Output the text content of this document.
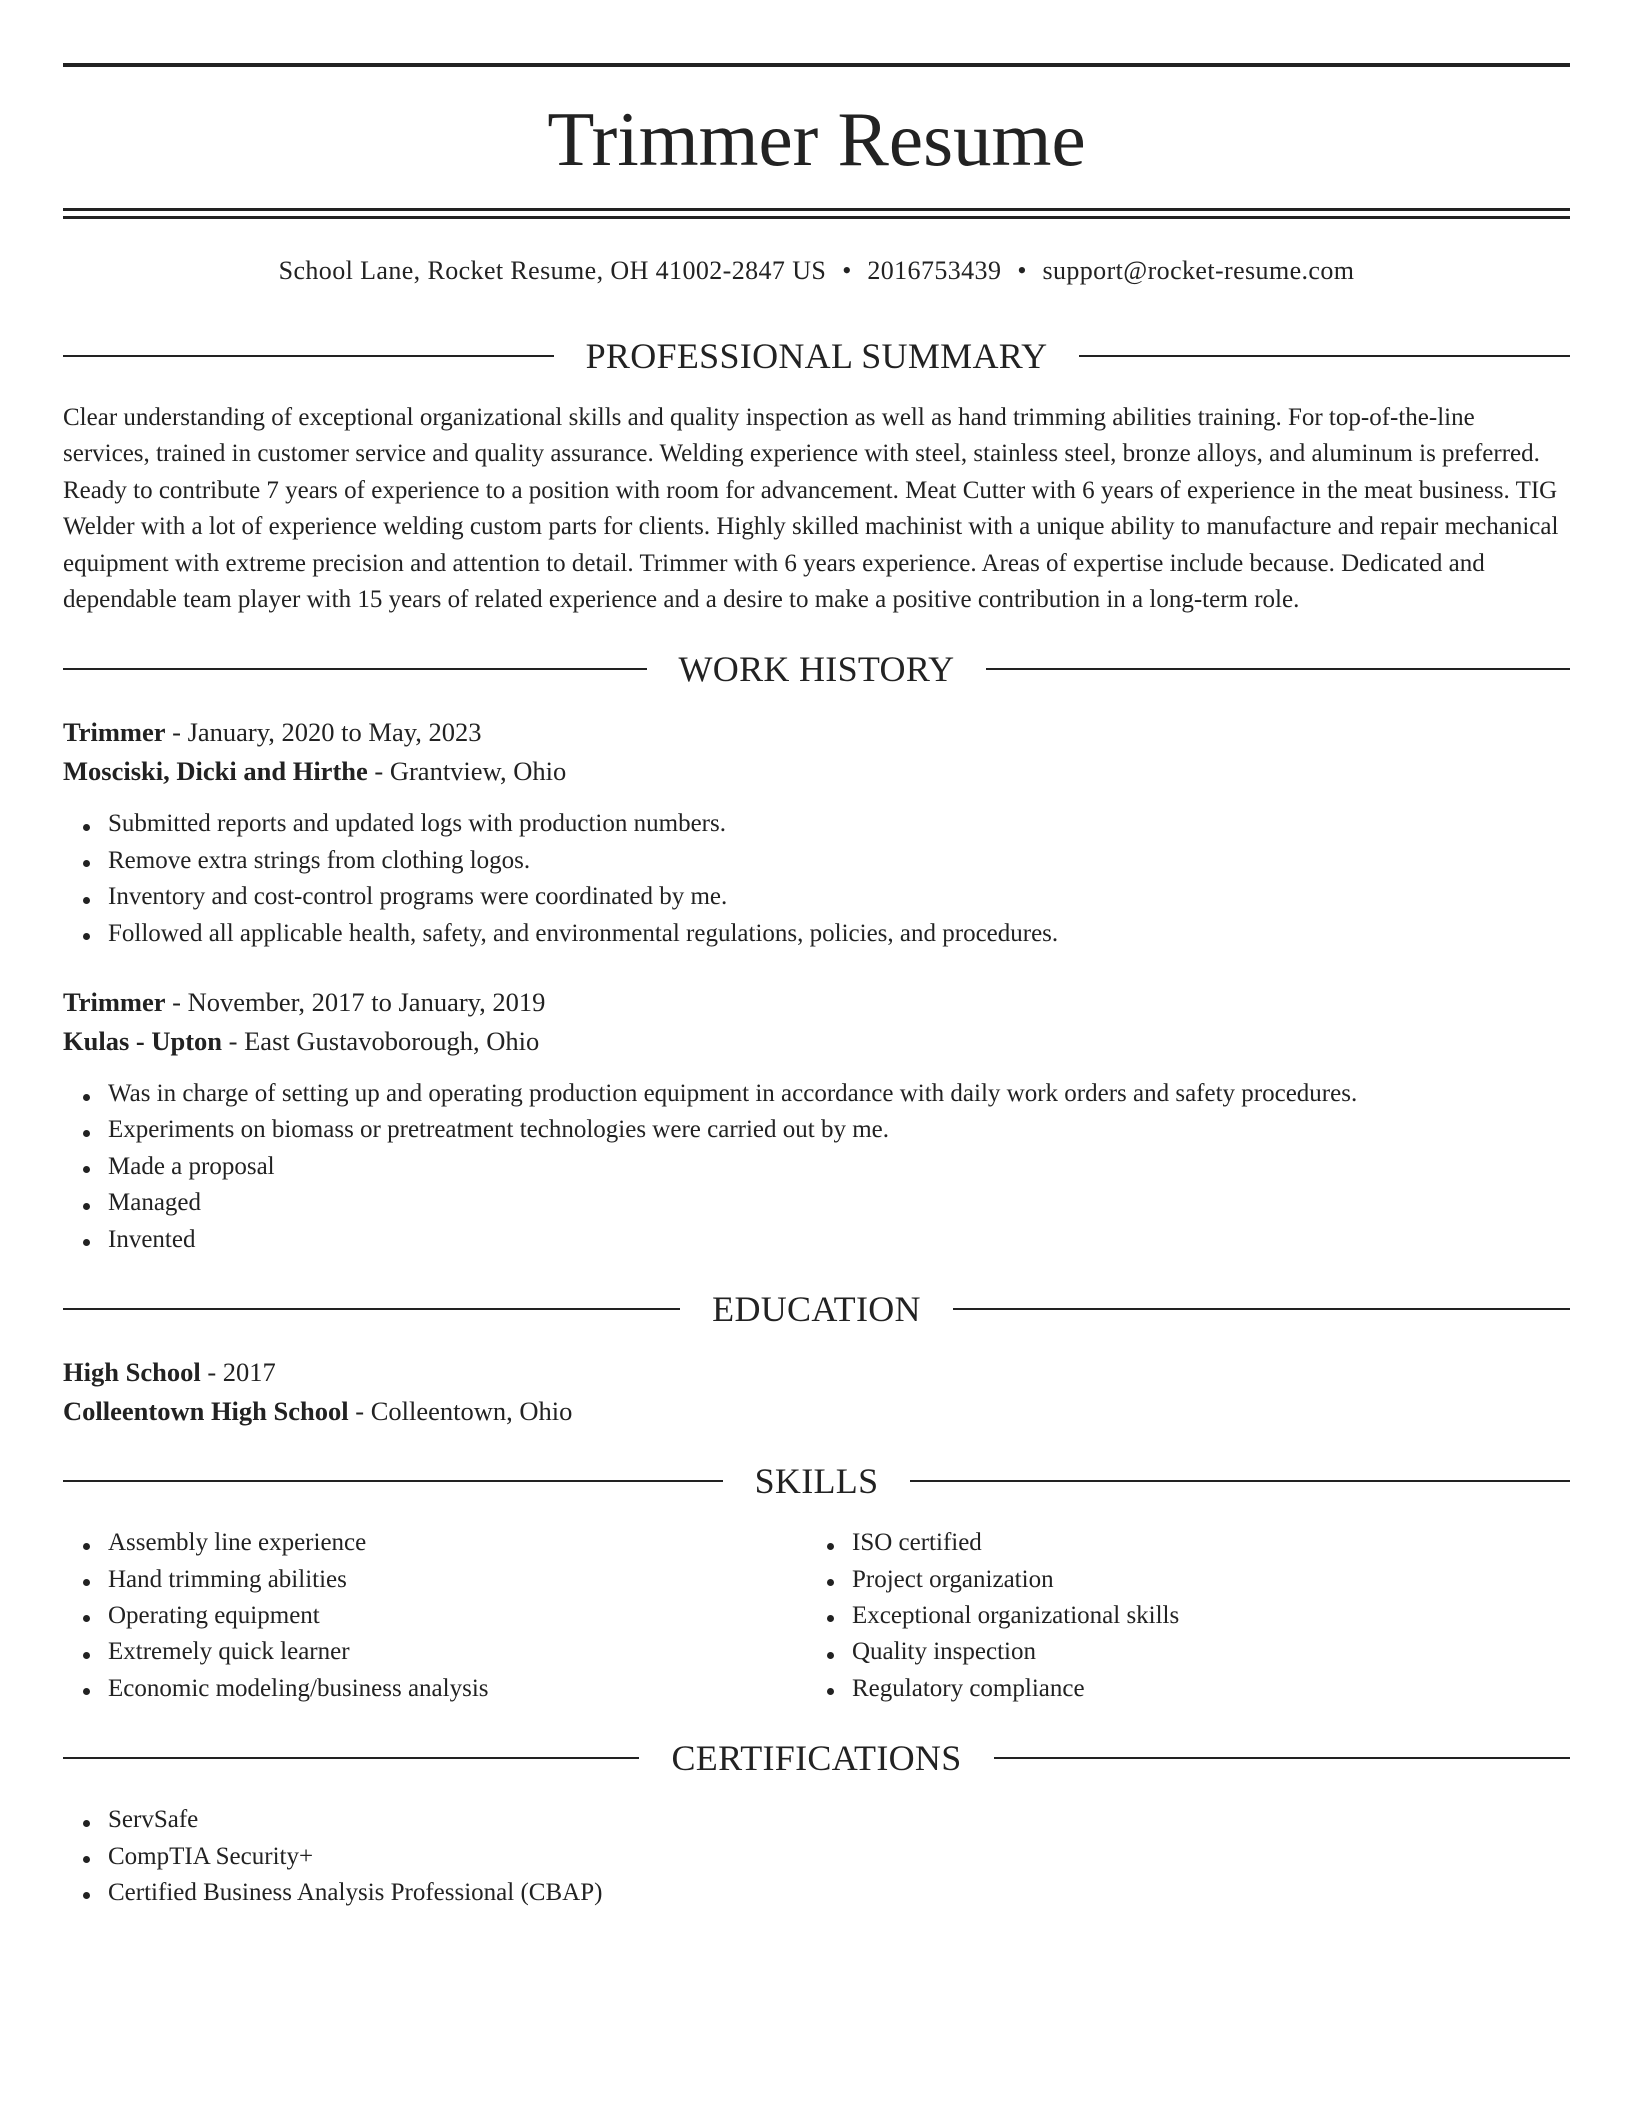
Trimmer Resume
School Lane, Rocket Resume, OH 41002-2847 US • 2016753439 • support@rocket-resume.com
PROFESSIONAL SUMMARY

Clear understanding of exceptional organizational skills and quality inspection as well as hand trimming abilities training. For top-of-the-line services, trained in customer service and quality assurance. Welding experience with steel, stainless steel, bronze alloys, and aluminum is preferred. Ready to contribute 7 years of experience to a position with room for advancement. Meat Cutter with 6 years of experience in the meat business. TIG Welder with a lot of experience welding custom parts for clients. Highly skilled machinist with a unique ability to manufacture and repair mechanical equipment with extreme precision and attention to detail. Trimmer with 6 years experience. Areas of expertise include because. Dedicated and dependable team player with 15 years of related experience and a desire to make a positive contribution in a long-term role.

WORK HISTORY
Trimmer - January, 2020 to May, 2023
Mosciski, Dicki and Hirthe - Grantview, Ohio
Submitted reports and updated logs with production numbers.
Remove extra strings from clothing logos.
Inventory and cost-control programs were coordinated by me.
Followed all applicable health, safety, and environmental regulations, policies, and procedures.
Trimmer - November, 2017 to January, 2019
Kulas - Upton - East Gustavoborough, Ohio
Was in charge of setting up and operating production equipment in accordance with daily work orders and safety procedures.
Experiments on biomass or pretreatment technologies were carried out by me.
Made a proposal
Managed
Invented
EDUCATION
High School - 2017
Colleentown High School - Colleentown, Ohio
SKILLS
Assembly line experience
Hand trimming abilities
Operating equipment
Extremely quick learner
Economic modeling/business analysis
ISO certified
Project organization
Exceptional organizational skills
Quality inspection
Regulatory compliance
CERTIFICATIONS
ServSafe
CompTIA Security+
Certified Business Analysis Professional (CBAP)
